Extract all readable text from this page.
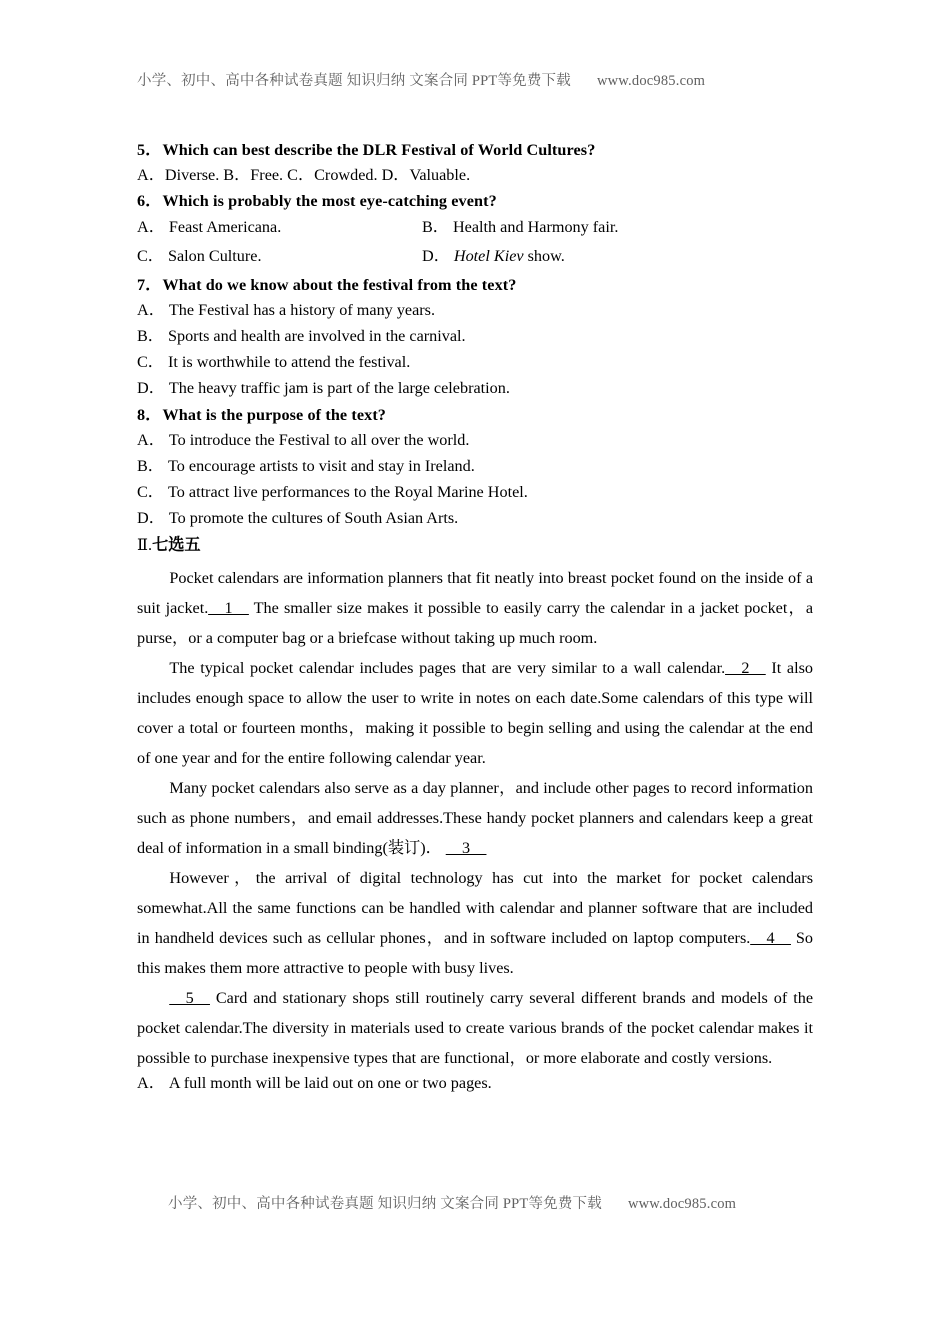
小学、初中、高中各种试卷真题 知识归纳 文案合同 PPT等免费下载 www.doc985.com

5．Which can best describe the DLR Festival of World Cultures?

A．Diverse. B．Free. C．Crowded. D．Valuable.

6．Which is probably the most eye-catching event?

A． Feast Americana.	B． Health and Harmony fair.
C． Salon Culture.	D． Hotel Kiev show.

7．What do we know about the festival from the text?

A． The Festival has a history of many years.

B． Sports and health are involved in the carnival.

C． It is worthwhile to attend the festival.

D． The heavy traffic jam is part of the large celebration.

8．What is the purpose of the text?

A． To introduce the Festival to all over the world.

B． To encourage artists to visit and stay in Ireland.

C． To attract live performances to the Royal Marine Hotel.

D． To promote the cultures of South Asian Arts.

Ⅱ.七选五

Pocket calendars are information planners that fit neatly into breast pocket found on the inside of a suit jacket.__1__ The smaller size makes it possible to easily carry the calendar in a jacket pocket，a purse，or a computer bag or a briefcase without taking up much room.

The typical pocket calendar includes pages that are very similar to a wall calendar.__2__ It also includes enough space to allow the user to write in notes on each date.Some calendars of this type will cover a total or fourteen months，making it possible to begin selling and using the calendar at the end of one year and for the entire following calendar year.

Many pocket calendars also serve as a day planner，and include other pages to record information such as phone numbers，and email addresses.These handy pocket planners and calendars keep a great deal of information in a small binding(装订)． __3__

However，the arrival of digital technology has cut into the market for pocket calendars somewhat.All the same functions can be handled with calendar and planner software that are included in handheld devices such as cellular phones，and in software included on laptop computers.__4__ So this makes them more attractive to people with busy lives.

__5__ Card and stationary shops still routinely carry several different brands and models of the pocket calendar.The diversity in materials used to create various brands of the pocket calendar makes it possible to purchase inexpensive types that are functional，or more elaborate and costly versions.

A． A full month will be laid out on one or two pages.

小学、初中、高中各种试卷真题 知识归纳 文案合同 PPT等免费下载 www.doc985.com
